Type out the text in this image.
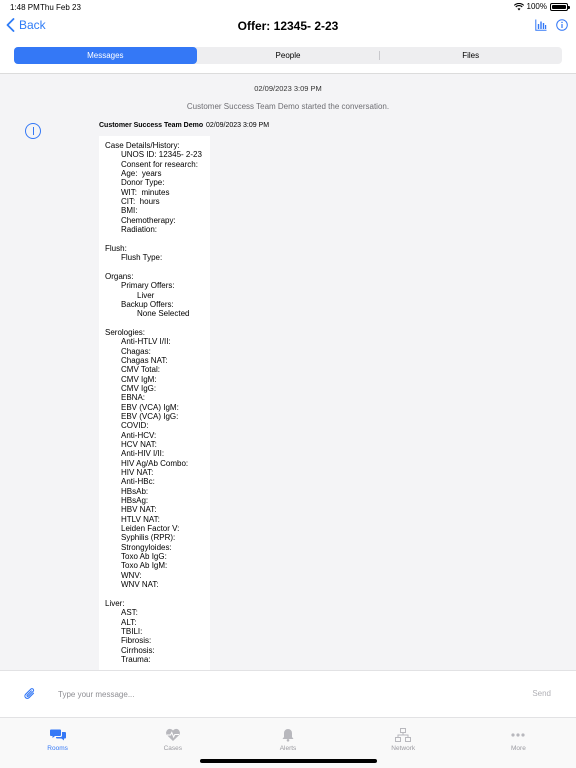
1:48 PM Thu Feb 23	100%
Back	Offer: 12345- 2-23
Messages	People	Files
02/09/2023 3:09 PM
Customer Success Team Demo started the conversation.
Customer Success Team Demo 02/09/2023 3:09 PM
Case Details/History:
UNOS ID: 12345- 2-23
Consent for research:
Age:  years
Donor Type:
WIT:  minutes
CIT:  hours
BMI:
Chemotherapy:
Radiation:
Flush:
Flush Type:
Organs:
Primary Offers:
Liver
Backup Offers:
None Selected
Serologies:
Anti-HTLV I/II:
Chagas:
Chagas NAT:
CMV Total:
CMV IgM:
CMV IgG:
EBNA:
EBV (VCA) IgM:
EBV (VCA) IgG:
COVID:
Anti-HCV:
HCV NAT:
Anti-HIV I/II:
HIV Ag/Ab Combo:
HIV NAT:
Anti-HBc:
HBsAb:
HBsAg:
HBV NAT:
HTLV NAT:
Leiden Factor V:
Syphilis (RPR):
Strongyloides:
Toxo Ab IgG:
Toxo Ab IgM:
WNV:
WNV NAT:
Liver:
AST:
ALT:
TBILI:
Fibrosis:
Cirrhosis:
Trauma:
Type your message...
Send
Rooms	Cases	Alerts	Network	More
